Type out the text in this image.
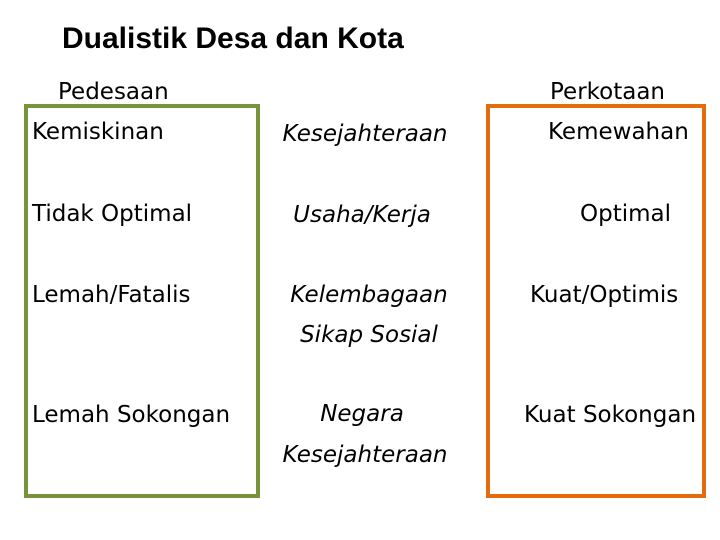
Dualistik Desa dan Kota
Pedesaan
Kemiskinan
Tidak Optimal
Lemah/Fatalis
Lemah Sokongan
Kesejahteraan
Usaha/Kerja
Kelembagaan
Sikap Sosial
Negara
Kesejahteraan
Perkotaan
Kemewahan
Optimal
Kuat/Optimis
Kuat Sokongan
